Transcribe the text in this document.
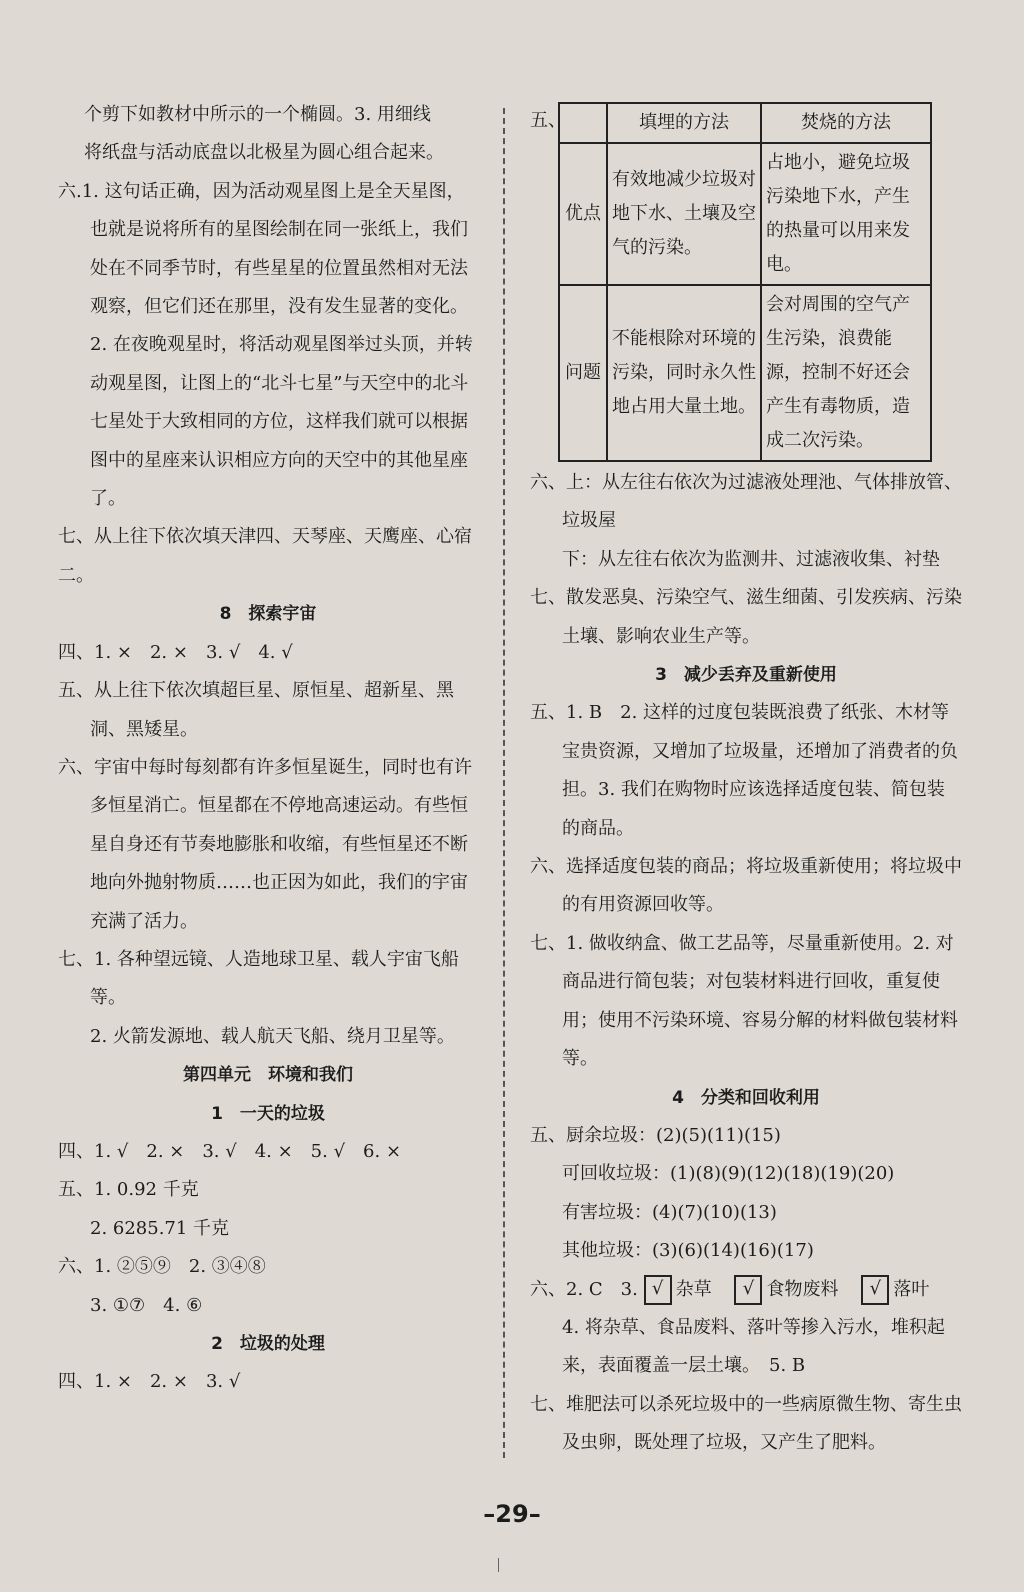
个剪下如教材中所示的一个椭圆。3. 用细线

将纸盘与活动底盘以北极星为圆心组合起来。

六.1. 这句话正确，因为活动观星图上是全天星图，也就是说将所有的星图绘制在同一张纸上，我们处在不同季节时，有些星星的位置虽然相对无法观察，但它们还在那里，没有发生显著的变化。

2. 在夜晚观星时，将活动观星图举过头顶，并转动观星图，让图上的“北斗七星”与天空中的北斗七星处于大致相同的方位，这样我们就可以根据图中的星座来认识相应方向的天空中的其他星座了。

七、从上往下依次填天津四、天琴座、天鹰座、心宿二。

8　探索宇宙

四、1. ×　2. ×　3. √　4. √

五、从上往下依次填超巨星、原恒星、超新星、黑洞、黑矮星。

六、宇宙中每时每刻都有许多恒星诞生，同时也有许多恒星消亡。恒星都在不停地高速运动。有些恒星自身还有节奏地膨胀和收缩，有些恒星还不断地向外抛射物质……也正因为如此，我们的宇宙充满了活力。

七、1. 各种望远镜、人造地球卫星、载人宇宙飞船等。

2. 火箭发源地、载人航天飞船、绕月卫星等。

第四单元　环境和我们

1　一天的垃圾

四、1. √　2. ×　3. √　4. ×　5. √　6. ×

五、1. 0.92 千克

2. 6285.71 千克

六、1. ②⑤⑨　2. ③④⑧

3. ①⑦　4. ⑥

2　垃圾的处理

四、1. ×　2. ×　3. √

五、
		填埋的方法	焚烧的方法
优点	有效地减少垃圾对地下水、土壤及空气的污染。	占地小，避免垃圾污染地下水，产生的热量可以用来发电。
问题	不能根除对环境的污染，同时永久性地占用大量土地。	会对周围的空气产生污染，浪费能源，控制不好还会产生有毒物质，造成二次污染。

六、上：从左往右依次为过滤液处理池、气体排放管、垃圾屋

下：从左往右依次为监测井、过滤液收集、衬垫

七、散发恶臭、污染空气、滋生细菌、引发疾病、污染土壤、影响农业生产等。

3　减少丢弃及重新使用

五、1. B　2. 这样的过度包装既浪费了纸张、木材等宝贵资源，又增加了垃圾量，还增加了消费者的负担。3. 我们在购物时应该选择适度包装、简包装的商品。

六、选择适度包装的商品；将垃圾重新使用；将垃圾中的有用资源回收等。

七、1. 做收纳盒、做工艺品等，尽量重新使用。2. 对商品进行简包装；对包装材料进行回收，重复使用；使用不污染环境、容易分解的材料做包装材料等。

4　分类和回收利用

五、厨余垃圾：(2)(5)(11)(15)

可回收垃圾：(1)(8)(9)(12)(18)(19)(20)

有害垃圾：(4)(7)(10)(13)

其他垃圾：(3)(6)(14)(16)(17)

六、2. C　3. √ 杂草 √ 食物废料 √ 落叶

4. 将杂草、食品废料、落叶等掺入污水，堆积起来，表面覆盖一层土壤。　5. B

七、堆肥法可以杀死垃圾中的一些病原微生物、寄生虫及虫卵，既处理了垃圾，又产生了肥料。

–29–
